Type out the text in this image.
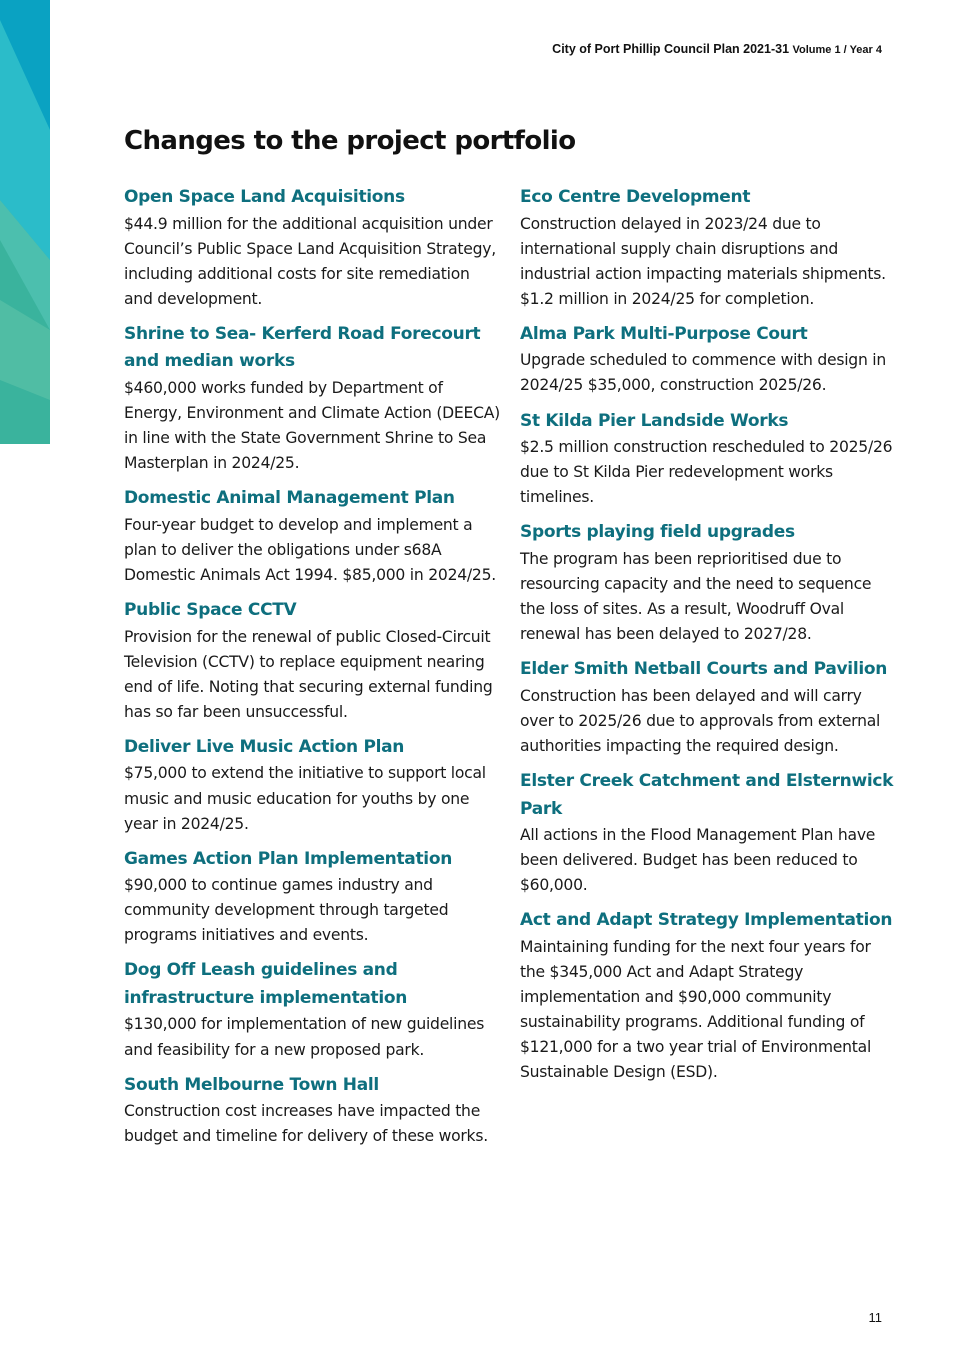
City of Port Phillip Council Plan 2021-31 Volume 1 / Year 4
Changes to the project portfolio
Open Space Land Acquisitions

$44.9 million for the additional acquisition under Council’s Public Space Land Acquisition Strategy, including additional costs for site remediation and development.

Shrine to Sea- Kerferd Road Forecourt and median works

$460,000 works funded by Department of Energy, Environment and Climate Action (DEECA) in line with the State Government Shrine to Sea Masterplan in 2024/25.

Domestic Animal Management Plan

Four-year budget to develop and implement a plan to deliver the obligations under s68A Domestic Animals Act 1994. $85,000 in 2024/25.

Public Space CCTV

Provision for the renewal of public Closed-Circuit Television (CCTV) to replace equipment nearing end of life. Noting that securing external funding has so far been unsuccessful.

Deliver Live Music Action Plan

$75,000 to extend the initiative to support local music and music education for youths by one year in 2024/25.

Games Action Plan Implementation

$90,000 to continue games industry and community development through targeted programs initiatives and events.

Dog Off Leash guidelines and infrastructure implementation

$130,000 for implementation of new guidelines and feasibility for a new proposed park.

South Melbourne Town Hall

Construction cost increases have impacted the budget and timeline for delivery of these works.

Eco Centre Development

Construction delayed in 2023/24 due to international supply chain disruptions and industrial action impacting materials shipments. $1.2 million in 2024/25 for completion.

Alma Park Multi-Purpose Court

Upgrade scheduled to commence with design in 2024/25 $35,000, construction 2025/26.

St Kilda Pier Landside Works

$2.5 million construction rescheduled to 2025/26 due to St Kilda Pier redevelopment works timelines.

Sports playing field upgrades

The program has been reprioritised due to resourcing capacity and the need to sequence the loss of sites. As a result, Woodruff Oval renewal has been delayed to 2027/28.

Elder Smith Netball Courts and Pavilion

Construction has been delayed and will carry over to 2025/26 due to approvals from external authorities impacting the required design.

Elster Creek Catchment and Elsternwick Park

All actions in the Flood Management Plan have been delivered. Budget has been reduced to $60,000.

Act and Adapt Strategy Implementation

Maintaining funding for the next four years for the $345,000 Act and Adapt Strategy implementation and $90,000 community sustainability programs. Additional funding of $121,000 for a two year trial of Environmental Sustainable Design (ESD).

11
